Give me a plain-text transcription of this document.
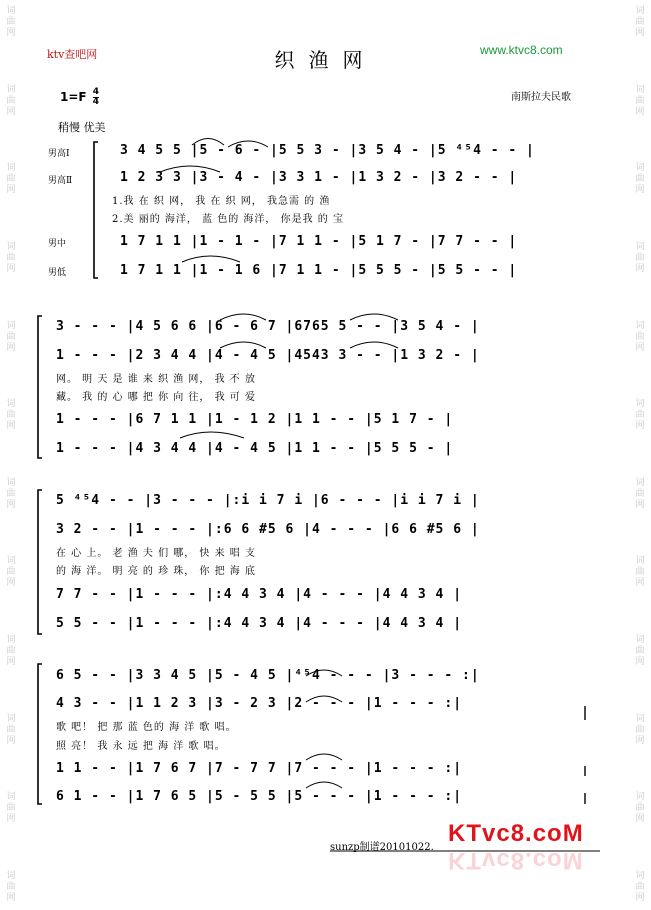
词
曲
网
词
曲
网
词
曲
网
词
曲
网
词
曲
网
词
曲
网
词
曲
网
词
曲
网
词
曲
网
词
曲
网
词
曲
网
词
曲
网
词
曲
网
词
曲
网
词
曲
网
词
曲
网
词
曲
网
词
曲
网
词
曲
网
词
曲
网
词
曲
网
词
曲
网
词
曲
网
词
曲
网
ktv查吧网	织渔网	www.ktvc8.com
$1=F \frac{4}{4}$	南斯拉夫民歌
稍慢 优美
男高Ⅰ
男高Ⅱ
男中
男低
3 4 5 5 |5 - 6 - |5 5 3 - |3 5 4 - |5 ⁴⁵4 - - |
1 2 3 3 |3 - 4 - |3 3 1 - |1 3 2 - |3 2 - - |
1.我 在 织 网， 我 在 织 网， 我急需 的 渔
2.美 丽的 海洋， 蓝 色的 海洋， 你是我 的 宝
1 7 1 1 |1 - 1 - |7 1 1 - |5 1 7 - |7 7 - - |
1 7 1 1 |1 - 1 6 |7 1 1 - |5 5 5 - |5 5 - - |
3 - - - |4 5 6 6 |6 - 6 7 |6765 5 - - |3 5 4 - |
1 - - - |2 3 4 4 |4 - 4 5 |4543 3 - - |1 3 2 - |
网。 明 天 是 谁 来 织 渔 网， 我 不 放
藏。 我 的 心 哪 把 你 向 往， 我 可 爱
1 - - - |6 7 1 1 |1 - 1 2 |1 1 - - |5 1 7 - |
1 - - - |4 3 4 4 |4 - 4 5 |1 1 - - |5 5 5 - |
5 ⁴⁵4 - - |3 - - - |:i i 7 i |6 - - - |i i 7 i |
3 2 - - |1 - - - |:6 6 #5 6 |4 - - - |6 6 #5 6 |
在 心 上。 老 渔 夫 们 哪， 快 来 唱 支
的 海 洋。 明 亮 的 珍 珠， 你 把 海 底
7 7 - - |1 - - - |:4 4 3 4 |4 - - - |4 4 3 4 |
5 5 - - |1 - - - |:4 4 3 4 |4 - - - |4 4 3 4 |
6 5 - - |3 3 4 5 |5 - 4 5 |⁴⁵4 - - - |3 - - - :|
4 3 - - |1 1 2 3 |3 - 2 3 |2 - - - |1 - - - :|
歌 吧！ 把 那 蓝 色的 海 洋 歌 唱。
照 亮！ 我 永 远 把 海 洋 歌 唱。
1 1 - - |1 7 6 7 |7 - 7 7 |7 - - - |1 - - - :|
6 1 - - |1 7 6 5 |5 - 5 5 |5 - - - |1 - - - :|
sunzp制谱20101022.
KTvc8.coM
KTvc8.coM
